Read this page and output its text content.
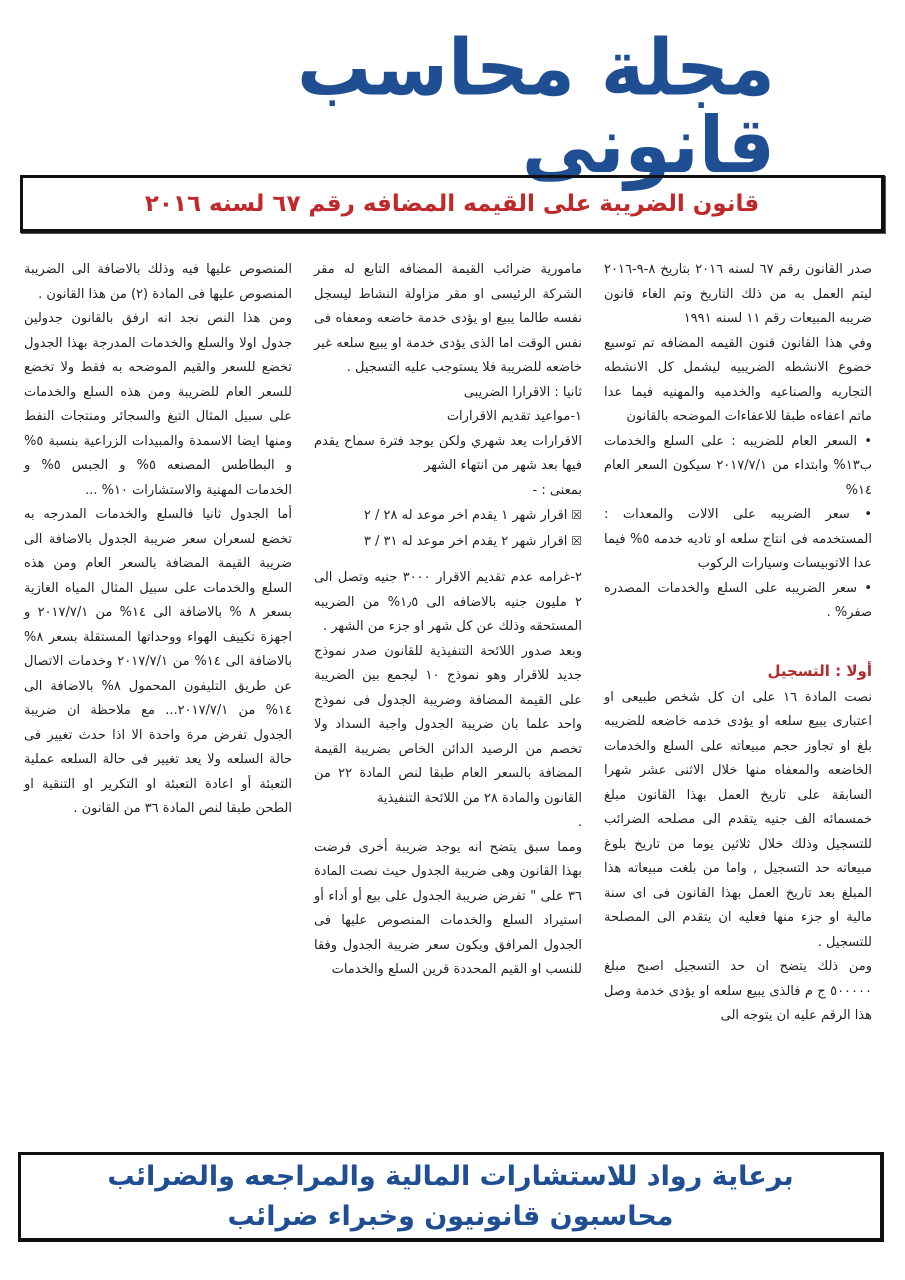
مجلة محاسب قانونى
قانون الضريبة على القيمه المضافه رقم ٦٧ لسنه ٢٠١٦

صدر القانون رقم ٦٧ لسنه ٢٠١٦ بتاريخ ٨-٩-٢٠١٦ ليتم العمل به من ذلك التاريخ وتم الغاء قانون ضريبه المبيعات رقم ١١ لسنه ١٩٩١

وفي هذا القانون قنون القيمه المضافه تم توسيع خضوع الانشطه الضريبيه ليشمل كل الانشطه التجاريه والصناعيه والخدميه والمهنيه فيما عدا ماتم اعفاءه طبقا للاعفاءات الموضحه بالقانون

• السعر العام للضريبه : على السلع والخدمات ب١٣% وابتداء من ٢٠١٧/٧/١ سيكون السعر العام ١٤%

• سعر الضريبه على الالات والمعدات : المستخدمه فى انتاج سلعه او تاديه خدمه ٥% فيما عدا الاتوبيسات وسيارات الركوب

• سعر الضريبه على السلع والخدمات المصدره صفر% .

أولا : التسجيل

نصت المادة ١٦ على ان كل شخص طبيعى او اعتبارى يبيع سلعه او يؤدى خدمه خاضعه للضريبه بلغ او تجاوز حجم مبيعاته على السلع والخدمات الخاضعه والمعفاه منها خلال الاثنى عشر شهرا السابقة على تاريخ العمل بهذا القانون مبلغ خمسمائه الف جنيه يتقدم الى مصلحه الضرائب للتسجيل وذلك خلال ثلاثين يوما من تاريخ بلوغ مبيعاته حد التسجيل , واما من بلغت مبيعاته هذا المبلغ بعد تاريخ العمل بهذا القانون فى اى سنة مالية او جزء منها فعليه ان يتقدم الى المصلحة للتسجيل .

ومن ذلك يتضح ان حد التسجيل اصبح مبلغ ٥٠٠٠٠٠ ج م فالذى يبيع سلعه او يؤدى خدمة وصل هذا الرقم عليه ان يتوجه الى

مامورية ضرائب القيمة المضافه التابع له مقر الشركة الرئيسى او مقر مزاولة النشاط ليسجل نفسه طالما يبيع او يؤدى خدمة خاضعه ومعفاه فى نفس الوقت اما الذى يؤدى خدمة او يبيع سلعه غير خاضعه للضريبة فلا يستوجب عليه التسجيل .

ثانيا : الاقرارا الضريبى

١-مواعيد تقديم الاقرارات

الاقرارات يعد شهري ولكن يوجد فترة سماح يقدم فيها بعد شهر من انتهاء الشهر

بمعنى : -

☒ اقرار شهر ١ يقدم اخر موعد له ٢٨ / ٢

☒ اقرار شهر ٢ يقدم اخر موعد له ٣١ / ٣

٢-غرامه عدم تقديم الاقرار ٣٠٠٠ جنيه وتصل الى ٢ مليون جنيه بالاضافه الى ١٫٥% من الضريبه المستحقه وذلك عن كل شهر او جزء من الشهر .

وبعد صدور اللائحة التنفيذية للقانون صدر نموذج جديد للاقرار وهو نموذج ١٠ ليجمع بين الضريبة على القيمة المضافة وضريبة الجدول فى نموذج واحد علما بان ضريبة الجدول واجبة السداد ولا تخصم من الرصيد الدائن الخاص بضريبة القيمة المضافة بالسعر العام طبقا لنص المادة ٢٢ من القانون والمادة ٢٨ من اللائحة التنفيذية

.

ومما سبق يتضح انه يوجد ضريبة أخرى فرضت بهذا القانون وهى ضريبة الجدول حيث نصت المادة ٣٦ على " تفرض ضريبة الجدول على بيع أو أداء أو استيراد السلع والخدمات المنصوص عليها فى الجدول المرافق ويكون سعر ضريبة الجدول وفقا للنسب او القيم المحددة قرين السلع والخدمات

المنصوص عليها فيه وذلك بالاضافة الى الضريبة المنصوص عليها فى المادة (٢) من هذا القانون .

ومن هذا النص نجد انه ارفق بالقانون جدولين جدول اولا والسلع والخدمات المدرجة بهذا الجدول تخضع للسعر والقيم الموضحه به فقط ولا تخضع للسعر العام للضريبة ومن هذه السلع والخدمات على سبيل المثال التبغ والسجائر ومنتجات النفط ومنها ايضا الاسمدة والمبيدات الزراعية بنسبة ٥% و البطاطس المصنعه ٥% و الجبس ٥% و الخدمات المهنية والاستشارات ١٠% ...

أما الجدول ثانيا فالسلع والخدمات المدرجه به تخضع لسعران سعر ضريبة الجدول بالاضافة الى ضريبة القيمة المضافة بالسعر العام ومن هذه السلع والخدمات على سبيل المثال المياه الغازية بسعر ٨ % بالاضافة الى ١٤% من ٢٠١٧/٧/١ و اجهزة تكييف الهواء ووحداتها المستقلة بسعر ٨% بالاضافة الى ١٤% من ٢٠١٧/٧/١ وخدمات الاتصال عن طريق التليفون المحمول ٨% بالاضافة الى ١٤% من ٢٠١٧/٧/١... مع ملاحظة ان ضريبة الجدول تفرض مرة واحدة الا اذا حدث تغيير فى حالة السلعه ولا يعد تغيير فى حالة السلعه عملية التعبئة أو اعادة التعبئة او التكرير او التنقية او الطحن طبقا لنص المادة ٣٦ من القانون .

برعاية رواد للاستشارات المالية والمراجعه والضرائب
محاسبون قانونيون وخبراء ضرائب
